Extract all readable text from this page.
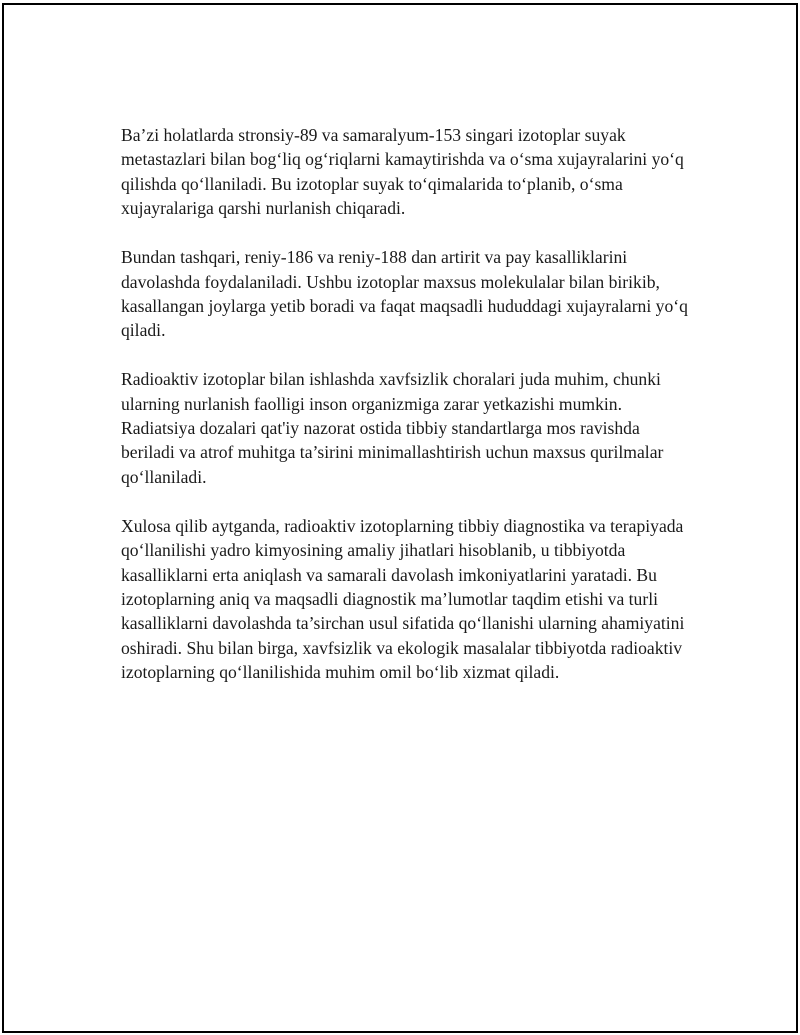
Ba’zi holatlarda stronsiy-89 va samaralyum-153 singari izotoplar suyak metastazlari bilan bog‘liq og‘riqlarni kamaytirishda va o‘sma xujayralarini yo‘q qilishda qo‘llaniladi. Bu izotoplar suyak to‘qimalarida to‘planib, o‘sma xujayralariga qarshi nurlanish chiqaradi.

Bundan tashqari, reniy-186 va reniy-188 dan artirit va pay kasalliklarini davolashda foydalaniladi. Ushbu izotoplar maxsus molekulalar bilan birikib, kasallangan joylarga yetib boradi va faqat maqsadli hududdagi xujayralarni yo‘q qiladi.

Radioaktiv izotoplar bilan ishlashda xavfsizlik choralari juda muhim, chunki ularning nurlanish faolligi inson organizmiga zarar yetkazishi mumkin. Radiatsiya dozalari qat'iy nazorat ostida tibbiy standartlarga mos ravishda beriladi va atrof muhitga ta’sirini minimallashtirish uchun maxsus qurilmalar qo‘llaniladi.

Xulosa qilib aytganda, radioaktiv izotoplarning tibbiy diagnostika va terapiyada qo‘llanilishi yadro kimyosining amaliy jihatlari hisoblanib, u tibbiyotda kasalliklarni erta aniqlash va samarali davolash imkoniyatlarini yaratadi. Bu izotoplarning aniq va maqsadli diagnostik ma’lumotlar taqdim etishi va turli kasalliklarni davolashda ta’sirchan usul sifatida qo‘llanishi ularning ahamiyatini oshiradi. Shu bilan birga, xavfsizlik va ekologik masalalar tibbiyotda radioaktiv izotoplarning qo‘llanilishida muhim omil bo‘lib xizmat qiladi.
